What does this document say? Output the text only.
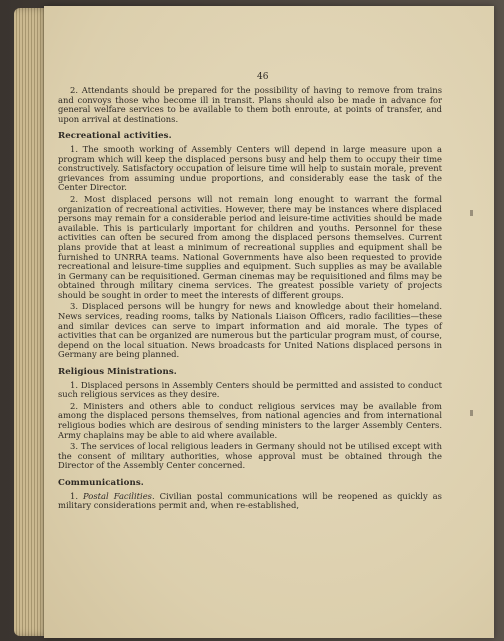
46

2. Attendants should be prepared for the possibility of having to remove from trains and convoys those who become ill in transit. Plans should also be made in advance for general welfare services to be available to them both enroute, at points of transfer, and upon arrival at destinations.

Recreational activities.

1. The smooth working of Assembly Centers will depend in large measure upon a program which will keep the displaced persons busy and help them to occupy their time constructively. Satisfactory occupation of leisure time will help to sustain morale, prevent grievances from assuming undue proportions, and considerably ease the task of the Center Director.

2. Most displaced persons will not remain long enought to warrant the formal organization of recreational activities. However, there may be instances where displaced persons may remain for a considerable period and leisure-time activities should be made available. This is particularly important for children and youths. Personnel for these activities can often be secured from among the displaced persons themselves. Current plans provide that at least a minimum of recreational supplies and equipment shall be furnished to UNRRA teams. National Governments have also been requested to provide recreational and leisure-time supplies and equipment. Such supplies as may be available in Germany can be requisitioned. German cinemas may be requisitioned and films may be obtained through military cinema services. The greatest possible variety of projects should be sought in order to meet the interests of different groups.

3. Displaced persons will be hungry for news and knowledge about their homeland. News services, reading rooms, talks by Nationals Liaison Officers, radio facilities—these and similar devices can serve to impart information and aid morale. The types of activities that can be organized are numerous but the particular program must, of course, depend on the local situation. News broadcasts for United Nations displaced persons in Germany are being planned.

Religious Ministrations.

1. Displaced persons in Assembly Centers should be permitted and assisted to conduct such religious services as they desire.

2. Ministers and others able to conduct religious services may be available from among the displaced persons themselves, from national agencies and from international religious bodies which are desirous of sending ministers to the larger Assembly Centers. Army chaplains may be able to aid where available.

3. The services of local religious leaders in Germany should not be utilised except with the consent of military authorities, whose approval must be obtained through the Director of the Assembly Center concerned.

Communications.

1. Postal Facilities. Civilian postal communications will be reopened as quickly as military considerations permit and, when re-established,
